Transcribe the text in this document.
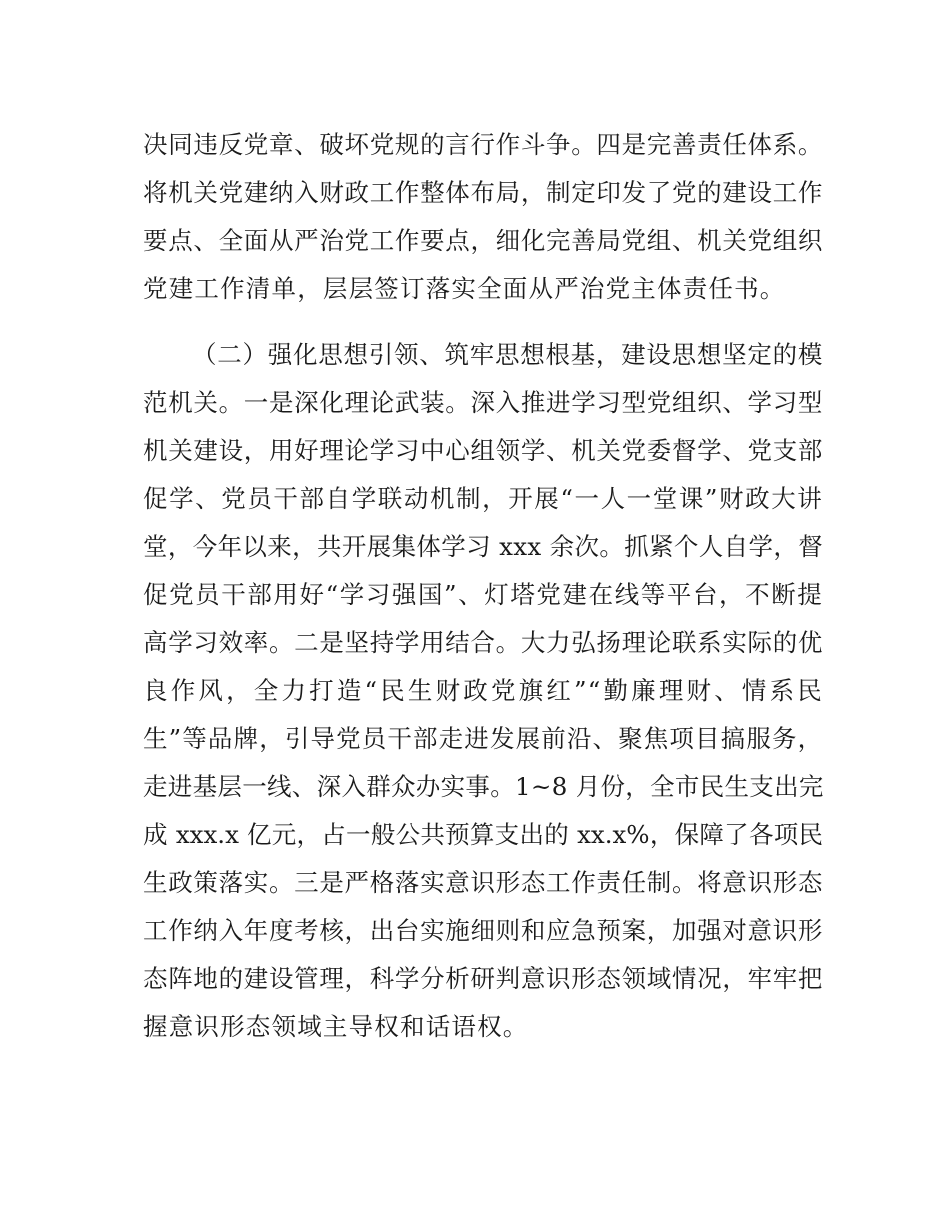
决同违反党章、破坏党规的言行作斗争。四是完善责任体系。
将机关党建纳入财政工作整体布局，制定印发了党的建设工作
要点、全面从严治党工作要点，细化完善局党组、机关党组织
党建工作清单，层层签订落实全面从严治党主体责任书。
（二）强化思想引领、筑牢思想根基，建设思想坚定的模
范机关。一是深化理论武装。深入推进学习型党组织、学习型
机关建设，用好理论学习中心组领学、机关党委督学、党支部
促学、党员干部自学联动机制，开展“一人一堂课”财政大讲
堂，今年以来，共开展集体学习 xxx 余次。抓紧个人自学，督
促党员干部用好“学习强国”、灯塔党建在线等平台，不断提
高学习效率。二是坚持学用结合。大力弘扬理论联系实际的优
良作风，全力打造“民生财政党旗红”“勤廉理财、情系民
生”等品牌，引导党员干部走进发展前沿、聚焦项目搞服务，
走进基层一线、深入群众办实事。1~8 月份，全市民生支出完
成 xxx.x 亿元，占一般公共预算支出的 xx.x%，保障了各项民
生政策落实。三是严格落实意识形态工作责任制。将意识形态
工作纳入年度考核，出台实施细则和应急预案，加强对意识形
态阵地的建设管理，科学分析研判意识形态领域情况，牢牢把
握意识形态领域主导权和话语权。
